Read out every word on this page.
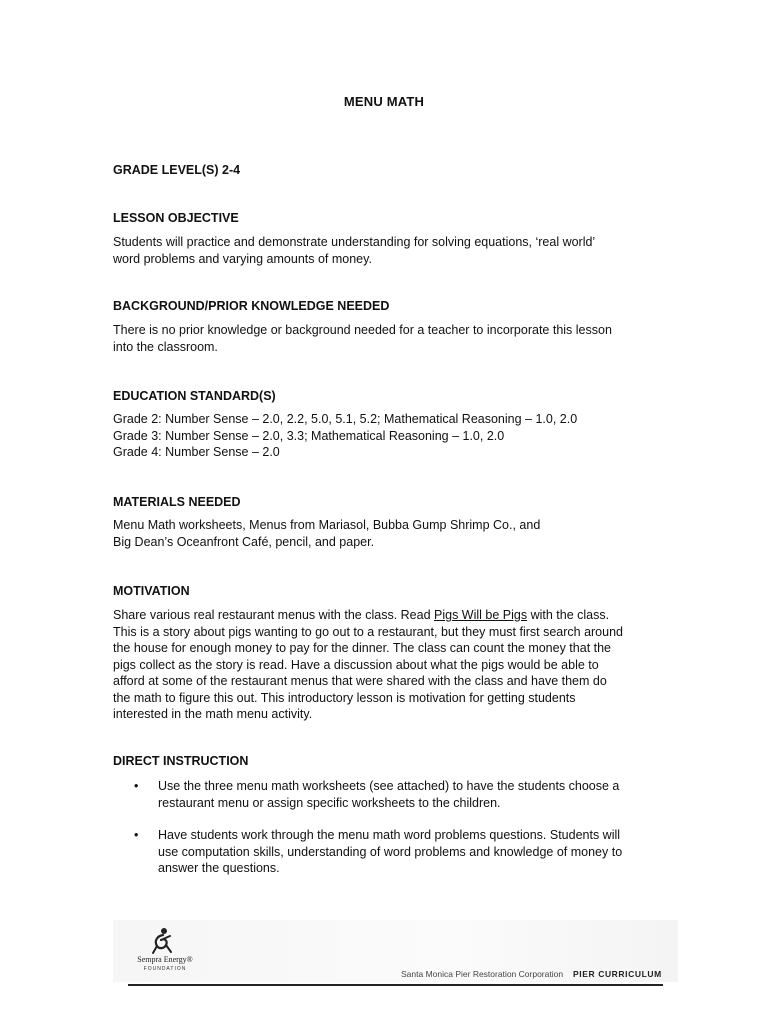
MENU MATH
GRADE LEVEL(S) 2-4
LESSON OBJECTIVE
Students will practice and demonstrate understanding for solving equations, ‘real world’
word problems and varying amounts of money.
BACKGROUND/PRIOR KNOWLEDGE NEEDED
There is no prior knowledge or background needed for a teacher to incorporate this lesson
into the classroom.
EDUCATION STANDARD(S)
Grade 2: Number Sense – 2.0, 2.2, 5.0, 5.1, 5.2; Mathematical Reasoning – 1.0, 2.0
Grade 3: Number Sense – 2.0, 3.3; Mathematical Reasoning – 1.0, 2.0
Grade 4: Number Sense – 2.0
MATERIALS NEEDED
Menu Math worksheets, Menus from Mariasol, Bubba Gump Shrimp Co., and
Big Dean’s Oceanfront Café, pencil, and paper.
MOTIVATION
Share various real restaurant menus with the class. Read Pigs Will be Pigs with the class.
This is a story about pigs wanting to go out to a restaurant, but they must first search around
the house for enough money to pay for the dinner. The class can count the money that the
pigs collect as the story is read. Have a discussion about what the pigs would be able to
afford at some of the restaurant menus that were shared with the class and have them do
the math to figure this out. This introductory lesson is motivation for getting students
interested in the math menu activity.
DIRECT INSTRUCTION
• Use the three menu math worksheets (see attached) to have the students choose a
restaurant menu or assign specific worksheets to the children.
• Have students work through the menu math word problems questions. Students will
use computation skills, understanding of word problems and knowledge of money to
answer the questions.
Sempra Energy®
FOUNDATION	Santa Monica Pier Restoration Corporation PIER CURRICULUM
